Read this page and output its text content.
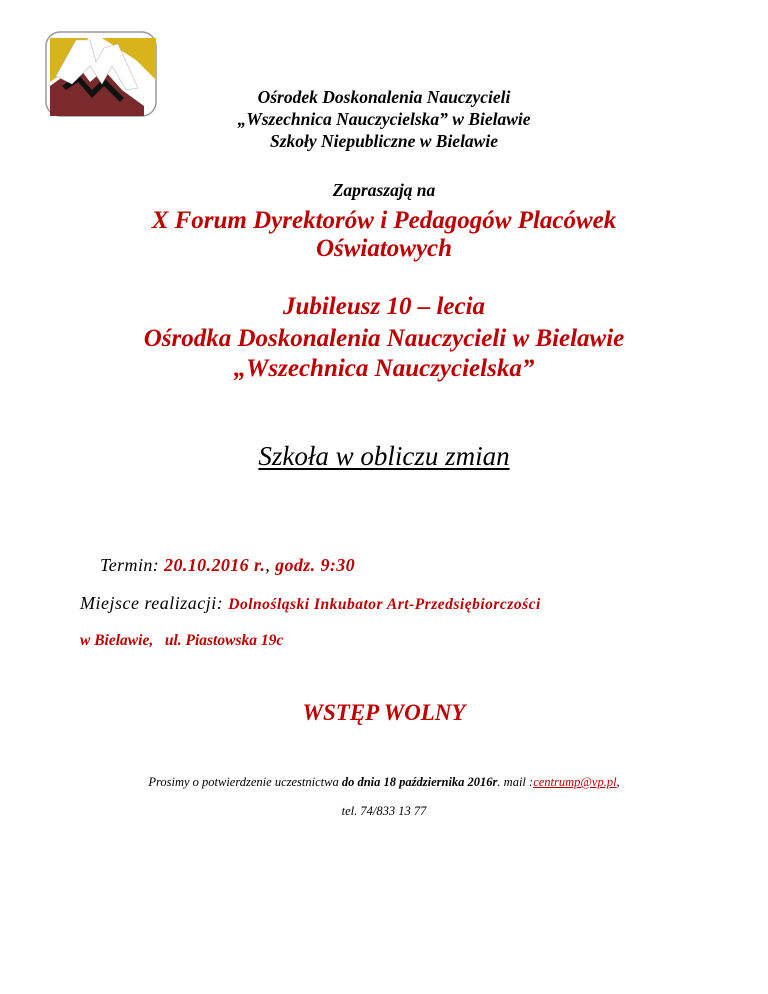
Ośrodek Doskonalenia Nauczycieli
„Wszechnica Nauczycielska” w Bielawie
Szkoły Niepubliczne w Bielawie
Zapraszają na
X Forum Dyrektorów i Pedagogów Placówek
Oświatowych
Jubileusz 10 – lecia
Ośrodka Doskonalenia Nauczycieli w Bielawie
„Wszechnica Nauczycielska”
Szkoła w obliczu zmian
Termin: 20.10.2016 r., godz. 9:30
Miejsce realizacji: Dolnośląski Inkubator Art-Przedsiębiorczości
w Bielawie,   ul. Piastowska 19c
WSTĘP WOLNY
Prosimy o potwierdzenie uczestnictwa do dnia 18 października 2016r. mail :centrump@vp.pl,
tel. 74/833 13 77
